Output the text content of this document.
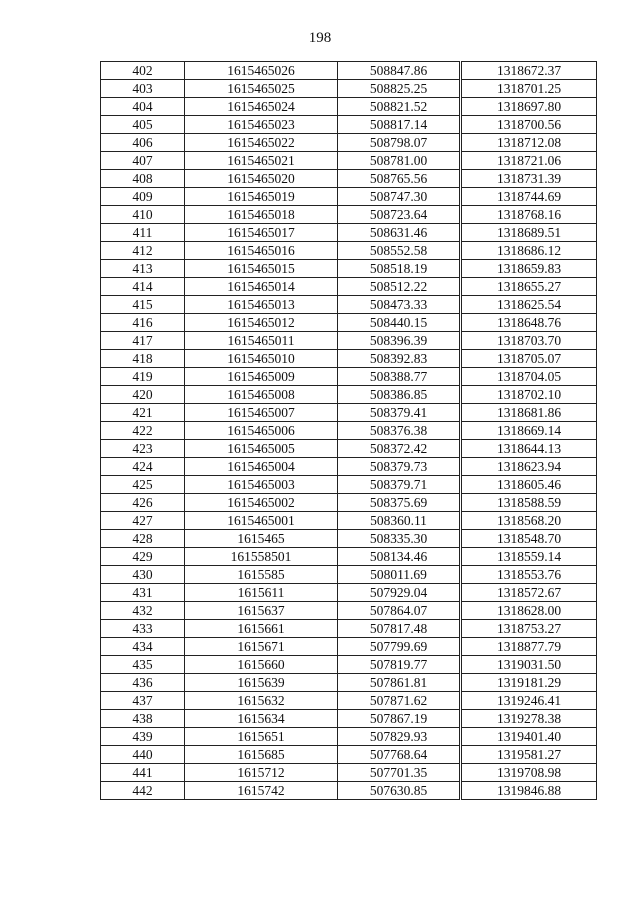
198
402	1615465026	508847.86	1318672.37
403	1615465025	508825.25	1318701.25
404	1615465024	508821.52	1318697.80
405	1615465023	508817.14	1318700.56
406	1615465022	508798.07	1318712.08
407	1615465021	508781.00	1318721.06
408	1615465020	508765.56	1318731.39
409	1615465019	508747.30	1318744.69
410	1615465018	508723.64	1318768.16
411	1615465017	508631.46	1318689.51
412	1615465016	508552.58	1318686.12
413	1615465015	508518.19	1318659.83
414	1615465014	508512.22	1318655.27
415	1615465013	508473.33	1318625.54
416	1615465012	508440.15	1318648.76
417	1615465011	508396.39	1318703.70
418	1615465010	508392.83	1318705.07
419	1615465009	508388.77	1318704.05
420	1615465008	508386.85	1318702.10
421	1615465007	508379.41	1318681.86
422	1615465006	508376.38	1318669.14
423	1615465005	508372.42	1318644.13
424	1615465004	508379.73	1318623.94
425	1615465003	508379.71	1318605.46
426	1615465002	508375.69	1318588.59
427	1615465001	508360.11	1318568.20
428	1615465	508335.30	1318548.70
429	161558501	508134.46	1318559.14
430	1615585	508011.69	1318553.76
431	1615611	507929.04	1318572.67
432	1615637	507864.07	1318628.00
433	1615661	507817.48	1318753.27
434	1615671	507799.69	1318877.79
435	1615660	507819.77	1319031.50
436	1615639	507861.81	1319181.29
437	1615632	507871.62	1319246.41
438	1615634	507867.19	1319278.38
439	1615651	507829.93	1319401.40
440	1615685	507768.64	1319581.27
441	1615712	507701.35	1319708.98
442	1615742	507630.85	1319846.88
